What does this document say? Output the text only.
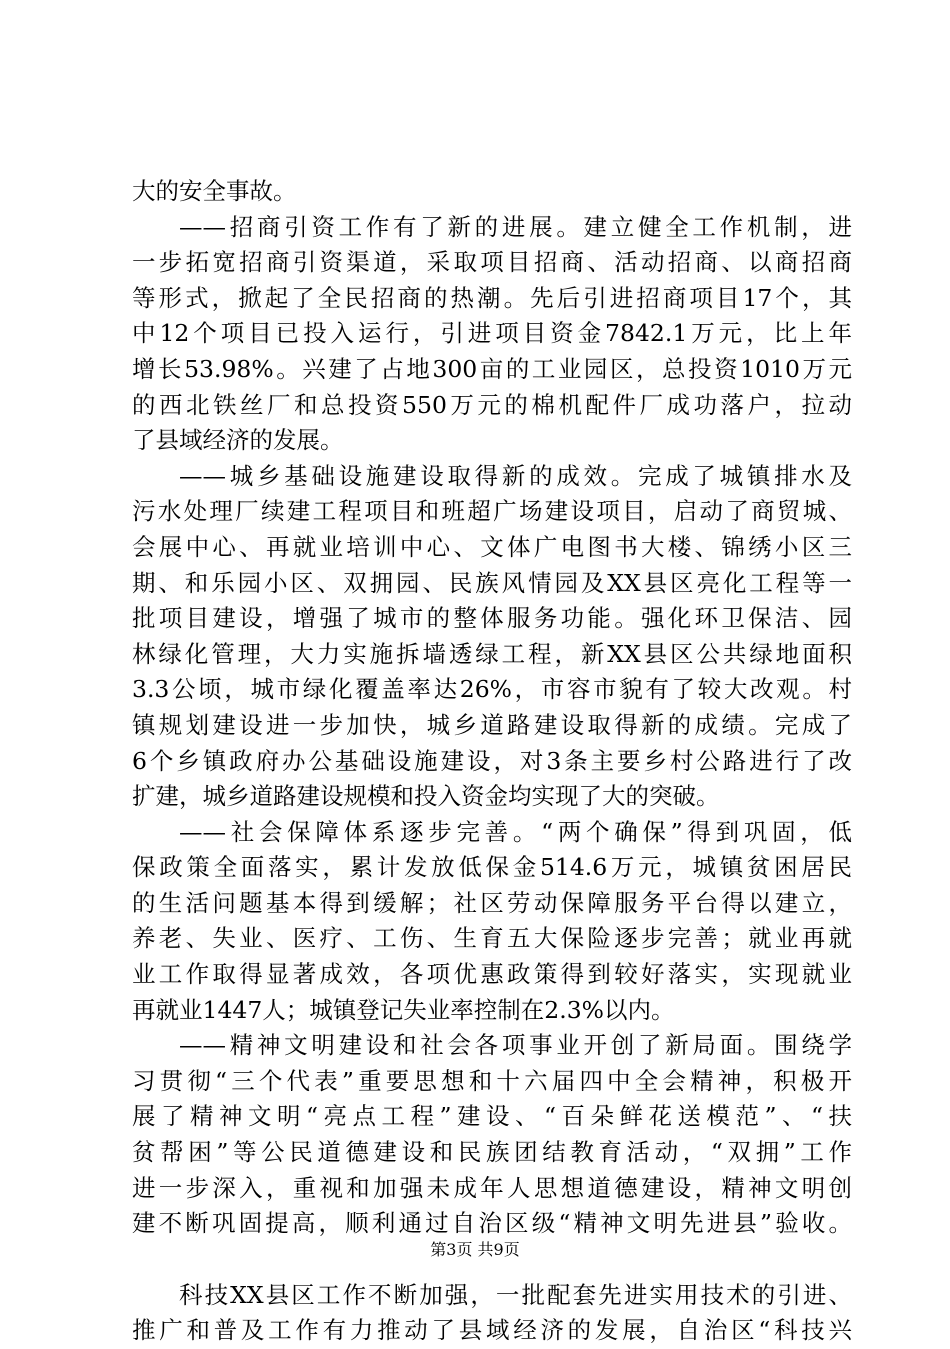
大的安全事故。
——招商引资工作有了新的进展。建立健全工作机制，进
一步拓宽招商引资渠道，采取项目招商、活动招商、以商招商
等形式，掀起了全民招商的热潮。先后引进招商项目17个，其
中12个项目已投入运行，引进项目资金7842.1万元，比上年
增长53.98%。兴建了占地300亩的工业园区，总投资1010万元
的西北铁丝厂和总投资550万元的棉机配件厂成功落户，拉动
了县域经济的发展。
——城乡基础设施建设取得新的成效。完成了城镇排水及
污水处理厂续建工程项目和班超广场建设项目，启动了商贸城、
会展中心、再就业培训中心、文体广电图书大楼、锦绣小区三
期、和乐园小区、双拥园、民族风情园及XX县区亮化工程等一
批项目建设，增强了城市的整体服务功能。强化环卫保洁、园
林绿化管理，大力实施拆墙透绿工程，新XX县区公共绿地面积
3.3公顷，城市绿化覆盖率达26%，市容市貌有了较大改观。村
镇规划建设进一步加快，城乡道路建设取得新的成绩。完成了
6个乡镇政府办公基础设施建设，对3条主要乡村公路进行了改
扩建，城乡道路建设规模和投入资金均实现了大的突破。
——社会保障体系逐步完善。“两个确保”得到巩固，低
保政策全面落实，累计发放低保金514.6万元，城镇贫困居民
的生活问题基本得到缓解；社区劳动保障服务平台得以建立，
养老、失业、医疗、工伤、生育五大保险逐步完善；就业再就
业工作取得显著成效，各项优惠政策得到较好落实，实现就业
再就业1447人；城镇登记失业率控制在2.3%以内。
——精神文明建设和社会各项事业开创了新局面。围绕学
习贯彻“三个代表”重要思想和十六届四中全会精神，积极开
展了精神文明“亮点工程”建设、“百朵鲜花送模范”、“扶
贫帮困”等公民道德建设和民族团结教育活动，“双拥”工作
进一步深入，重视和加强未成年人思想道德建设，精神文明创
建不断巩固提高，顺利通过自治区级“精神文明先进县”验收。
科技XX县区工作不断加强，一批配套先进实用技术的引进、
推广和普及工作有力推动了县域经济的发展，自治区“科技兴
第3页 共9页
